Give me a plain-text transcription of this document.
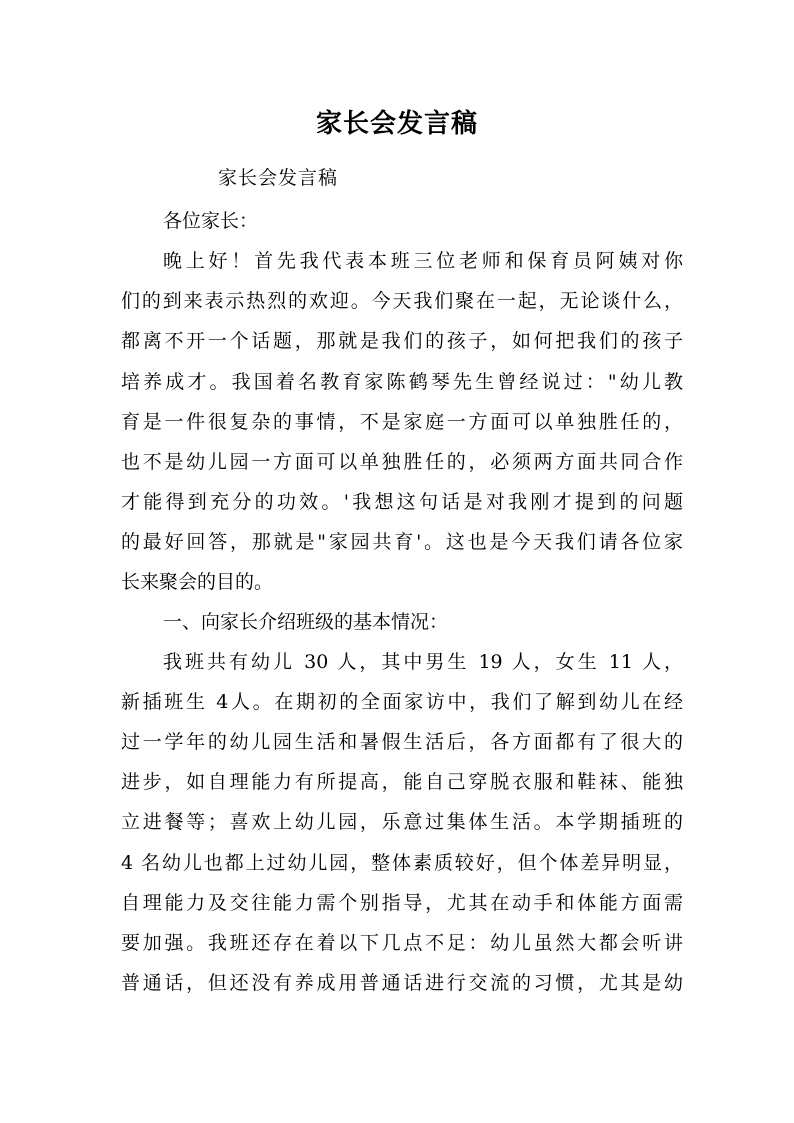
家长会发言稿
家长会发言稿
各位家长：
晚上好！首先我代表本班三位老师和保育员阿姨对你
们的到来表示热烈的欢迎。今天我们聚在一起，无论谈什么，
都离不开一个话题，那就是我们的孩子，如何把我们的孩子
培养成才。我国着名教育家陈鹤琴先生曾经说过："幼儿教
育是一件很复杂的事情，不是家庭一方面可以单独胜任的，
也不是幼儿园一方面可以单独胜任的，必须两方面共同合作
才能得到充分的功效。'我想这句话是对我刚才提到的问题
的最好回答，那就是"家园共育'。这也是今天我们请各位家
长来聚会的目的。
一、向家长介绍班级的基本情况：
我班共有幼儿 30 人，其中男生 19 人，女生 11 人，
新插班生 4人。在期初的全面家访中，我们了解到幼儿在经
过一学年的幼儿园生活和暑假生活后，各方面都有了很大的
进步，如自理能力有所提高，能自己穿脱衣服和鞋袜、能独
立进餐等；喜欢上幼儿园，乐意过集体生活。本学期插班的
4 名幼儿也都上过幼儿园，整体素质较好，但个体差异明显，
自理能力及交往能力需个别指导，尤其在动手和体能方面需
要加强。我班还存在着以下几点不足：幼儿虽然大都会听讲
普通话，但还没有养成用普通话进行交流的习惯，尤其是幼
